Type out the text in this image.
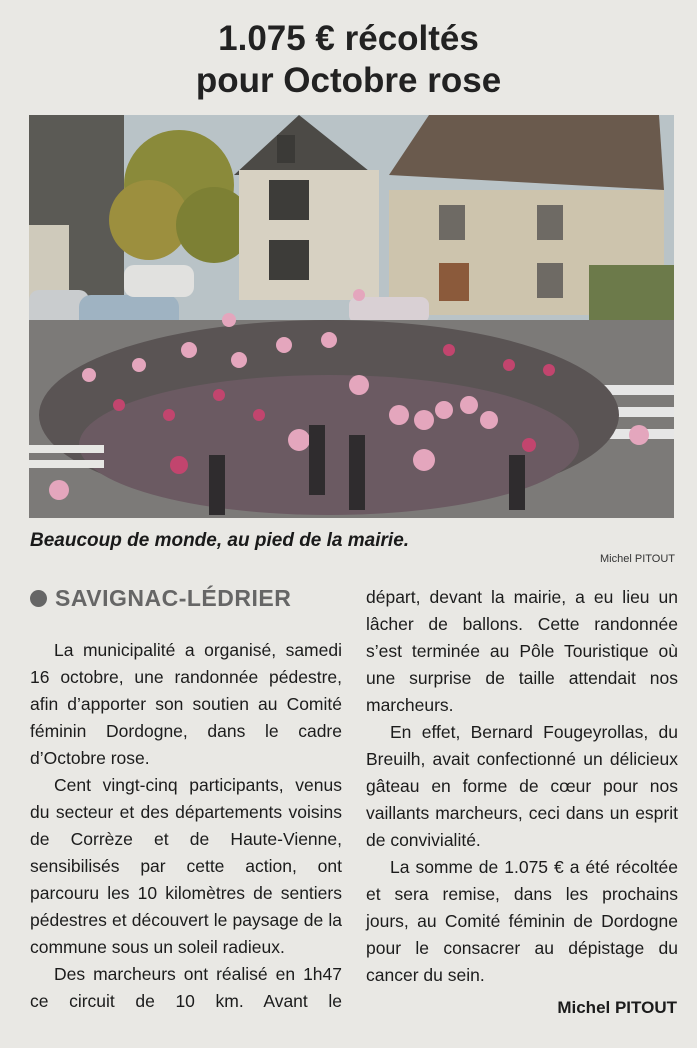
1.075 € récoltés
pour Octobre rose
Beaucoup de monde, au pied de la mairie.
Michel PITOUT
SAVIGNAC-LÉDRIER

La municipalité a organisé, samedi 16 octobre, une randonnée pédestre, afin d’apporter son soutien au Comité féminin Dordogne, dans le cadre d’Octobre rose.

Cent vingt-cinq participants, venus du secteur et des départements voisins de Corrèze et de Haute-Vienne, sensibilisés par cette action, ont parcouru les 10 kilomètres de sentiers pédestres et découvert le paysage de la commune sous un soleil radieux.

Des marcheurs ont réalisé en 1h47 ce circuit de 10 km. Avant le

départ, devant la mairie, a eu lieu un lâcher de ballons. Cette randonnée s’est terminée au Pôle Touristique où une surprise de taille attendait nos marcheurs.

En effet, Bernard Fougeyrollas, du Breuilh, avait confectionné un délicieux gâteau en forme de cœur pour nos vaillants marcheurs, ceci dans un esprit de convivialité.

La somme de 1.075 € a été récoltée et sera remise, dans les prochains jours, au Comité féminin de Dordogne pour le consacrer au dépistage du cancer du sein.

Michel PITOUT
